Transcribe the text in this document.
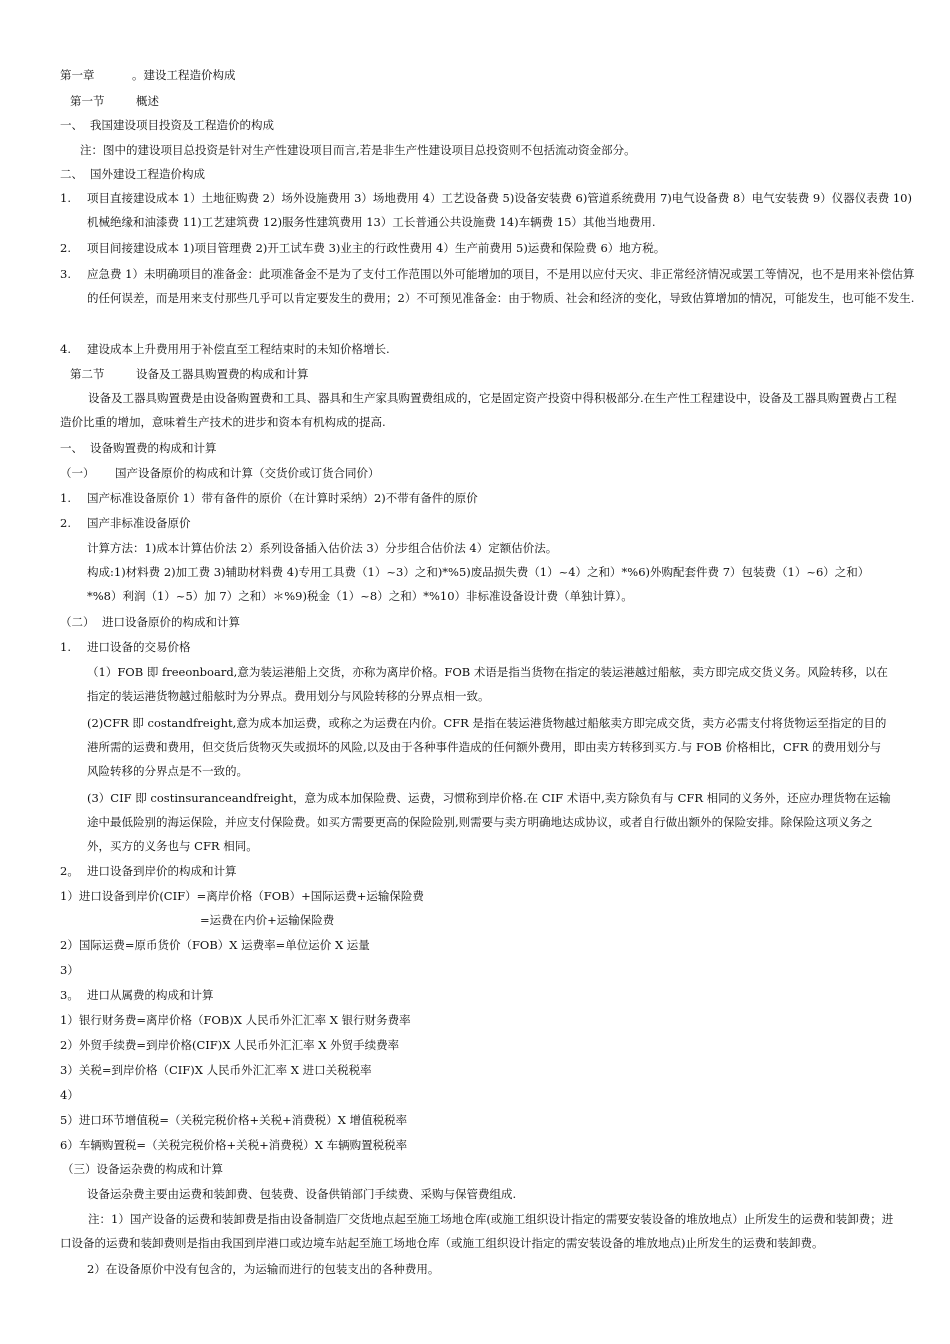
第一章	。建设工程造价构成
第一节	概述
一、 我国建设项目投资及工程造价的构成
注：图中的建设项目总投资是针对生产性建设项目而言,若是非生产性建设项目总投资则不包括流动资金部分。
二、 国外建设工程造价构成
1. 项目直接建设成本 1）土地征购费 2）场外设施费用 3）场地费用 4）工艺设备费 5)设备安装费 6)管道系统费用 7)电气设备费 8）电气安装费 9）仪器仪表费 10)机械绝缘和油漆费 11)工艺建筑费 12)服务性建筑费用 13）工长普通公共设施费 14)车辆费 15）其他当地费用.
2. 项目间接建设成本 1)项目管理费 2)开工试车费 3)业主的行政性费用 4）生产前费用 5)运费和保险费 6）地方税。
3. 应急费 1）未明确项目的准备金：此项准备金不是为了支付工作范围以外可能增加的项目，不是用以应付天灾、非正常经济情况或罢工等情况，也不是用来补偿估算的任何误差，而是用来支付那些几乎可以肯定要发生的费用；2）不可预见准备金：由于物质、社会和经济的变化，导致估算增加的情况，可能发生，也可能不发生.
4. 建设成本上升费用用于补偿直至工程结束时的未知价格增长.
第二节	设备及工器具购置费的构成和计算
设备及工器具购置费是由设备购置费和工具、器具和生产家具购置费组成的，它是固定资产投资中得积极部分.在生产性工程建设中，设备及工器具购置费占工程造价比重的增加，意味着生产技术的进步和资本有机构成的提高.
一、 设备购置费的构成和计算
（一） 国产设备原价的构成和计算（交货价或订货合同价）
1. 国产标准设备原价 1）带有备件的原价（在计算时采纳）2)不带有备件的原价
2. 国产非标准设备原价
计算方法：1)成本计算估价法 2）系列设备插入估价法 3）分步组合估价法 4）定额估价法。
构成:1)材料费 2)加工费 3)辅助材料费 4)专用工具费（1）~3）之和)*%5)废品损失费（1）~4）之和）*%6)外购配套件费 7）包装费（1）~6）之和）*%8）利润（1）~5）加 7）之和）＊%9)税金（1）~8）之和）*%10）非标准设备设计费（单独计算）。
（二） 进口设备原价的构成和计算
1. 进口设备的交易价格
（1）FOB 即 freeonboard,意为装运港船上交货，亦称为离岸价格。FOB 术语是指当货物在指定的装运港越过船舷，卖方即完成交货义务。风险转移，以在指定的装运港货物越过船舷时为分界点。费用划分与风险转移的分界点相一致。
(2)CFR 即 costandfreight,意为成本加运费，或称之为运费在内价。CFR 是指在装运港货物越过船舷卖方即完成交货，卖方必需支付将货物运至指定的目的港所需的运费和费用，但交货后货物灭失或损坏的风险,以及由于各种事件造成的任何额外费用，即由卖方转移到买方.与 FOB 价格相比，CFR 的费用划分与风险转移的分界点是不一致的。
(3）CIF 即 costinsuranceandfreight，意为成本加保险费、运费，习惯称到岸价格.在 CIF 术语中,卖方除负有与 CFR 相同的义务外，还应办理货物在运输途中最低险别的海运保险，并应支付保险费。如买方需要更高的保险险别,则需要与卖方明确地达成协议，或者自行做出额外的保险安排。除保险这项义务之外，买方的义务也与 CFR 相同。
2。 进口设备到岸价的构成和计算
1）进口设备到岸价(CIF）=离岸价格（FOB）+国际运费+运输保险费
=运费在内价+运输保险费
2）国际运费=原币货价（FOB）X 运费率=单位运价 X 运量
3）
3。 进口从属费的构成和计算
1）银行财务费=离岸价格（FOB)X 人民币外汇汇率 X 银行财务费率
2）外贸手续费=到岸价格(CIF)X 人民币外汇汇率 X 外贸手续费率
3）关税=到岸价格（CIF)X 人民币外汇汇率 X 进口关税税率
4）
5）进口环节增值税=（关税完税价格+关税+消费税）X 增值税税率
6）车辆购置税=（关税完税价格+关税+消费税）X 车辆购置税税率
（三）设备运杂费的构成和计算
设备运杂费主要由运费和装卸费、包装费、设备供销部门手续费、采购与保管费组成.
注：1）国产设备的运费和装卸费是指由设备制造厂交货地点起至施工场地仓库(或施工组织设计指定的需要安装设备的堆放地点）止所发生的运费和装卸费；进口设备的运费和装卸费则是指由我国到岸港口或边境车站起至施工场地仓库（或施工组织设计指定的需安装设备的堆放地点)止所发生的运费和装卸费。
2）在设备原价中没有包含的，为运输而进行的包装支出的各种费用。
